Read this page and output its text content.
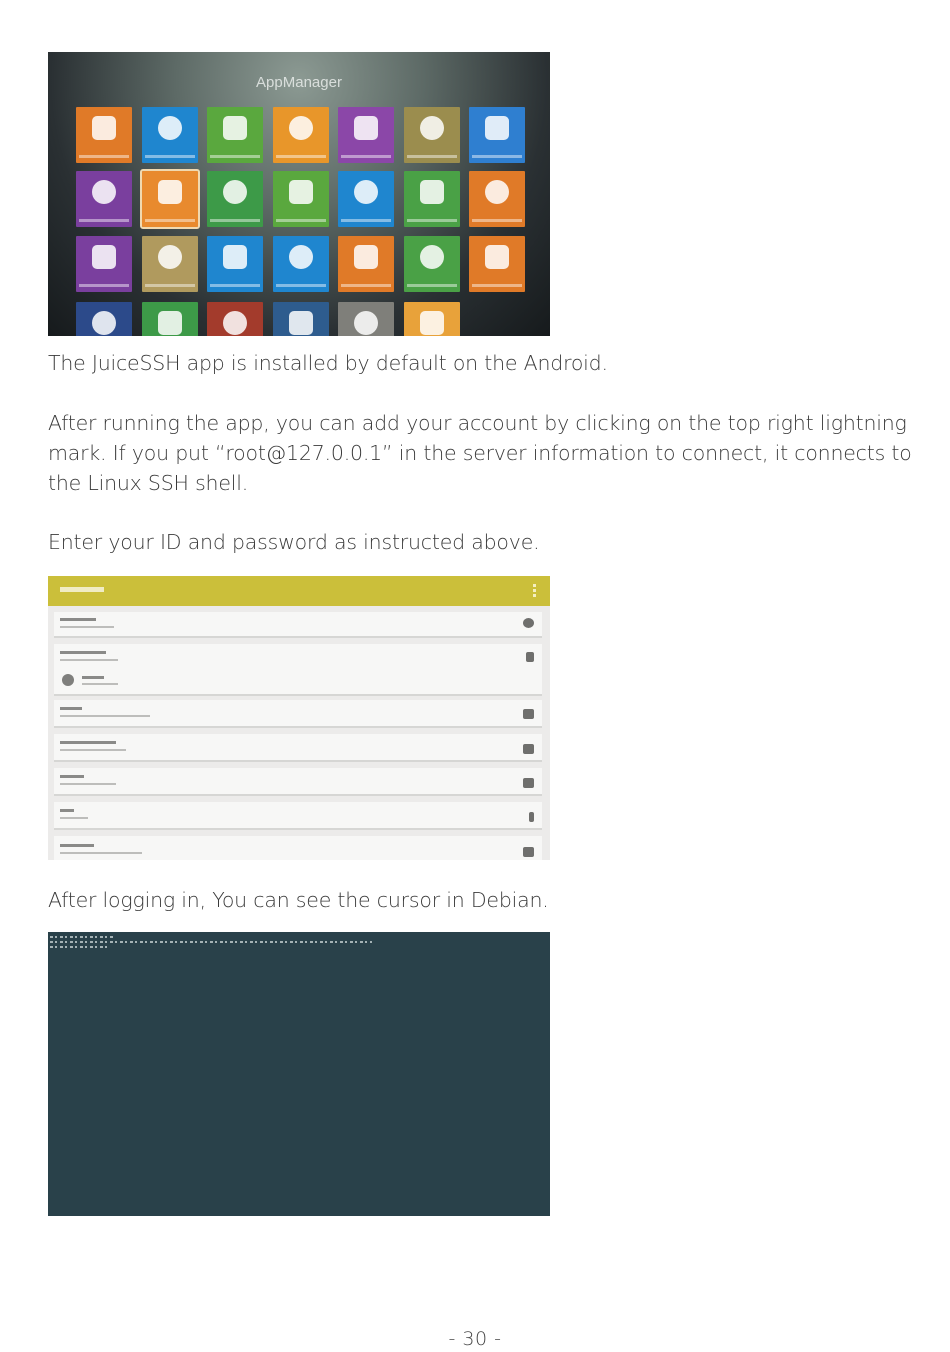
AppManager

The JuiceSSH app is installed by default on the Android.

After running the app, you can add your account by clicking on the top right lightning mark. If you put “root@127.0.0.1” in the server information to connect, it connects to the Linux SSH shell.

Enter your ID and password as instructed above.

After logging in, You can see the cursor in Debian.

- 30 -
